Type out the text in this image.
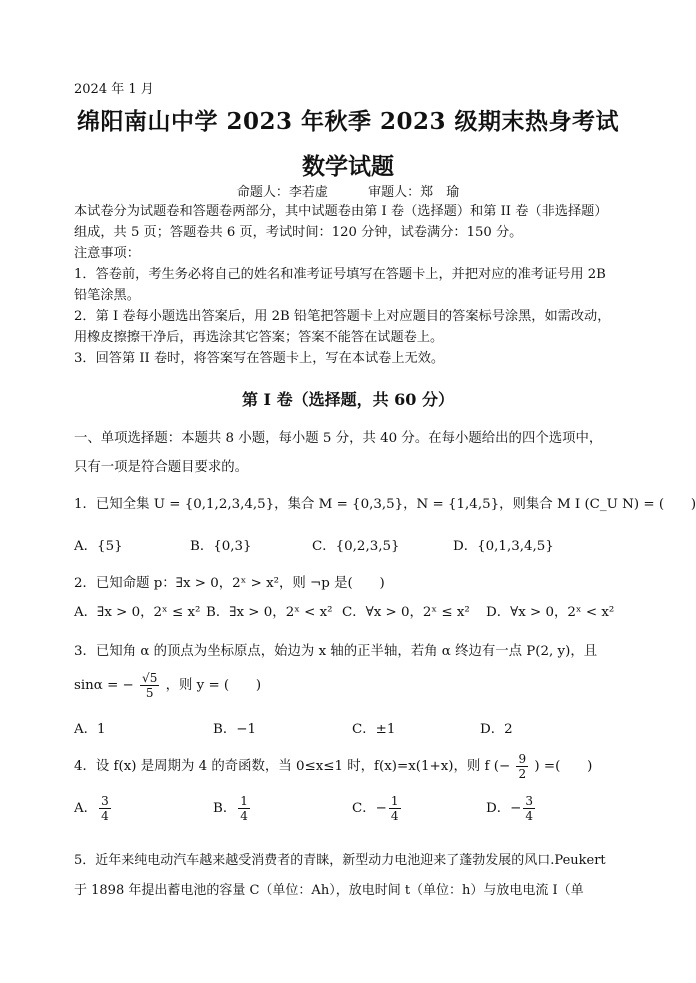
2024 年 1 月
绵阳南山中学 2023 年秋季 2023 级期末热身考试
数学试题
命题人：李若虚	审题人：郑　瑜
本试卷分为试题卷和答题卷两部分，其中试题卷由第 I 卷（选择题）和第 II 卷（非选择题）
组成，共 5 页；答题卷共 6 页，考试时间：120 分钟，试卷满分：150 分。
注意事项：
1．答卷前，考生务必将自己的姓名和准考证号填写在答题卡上，并把对应的准考证号用 2B
铅笔涂黑。
2．第 I 卷每小题选出答案后，用 2B 铅笔把答题卡上对应题目的答案标号涂黑，如需改动，
用橡皮擦擦干净后，再选涂其它答案；答案不能答在试题卷上。
3．回答第 II 卷时，将答案写在答题卡上，写在本试卷上无效。
第 I 卷（选择题，共 60 分）
一、单项选择题：本题共 8 小题，每小题 5 分，共 40 分。在每小题给出的四个选项中，
只有一项是符合题目要求的。
1．已知全集 U = {0,1,2,3,4,5}，集合 M = {0,3,5}，N = {1,4,5}，则集合 M I (C_U N) = (　　)
A．{5}	B．{0,3}	C．{0,2,3,5}	D．{0,1,3,4,5}
2．已知命题 p：∃x > 0，2ˣ > x²，则 ¬p 是(　　)
A．∃x > 0，2ˣ ≤ x² B．∃x > 0，2ˣ < x² C．∀x > 0，2ˣ ≤ x² D．∀x > 0，2ˣ < x²
3．已知角 α 的顶点为坐标原点，始边为 x 轴的正半轴，若角 α 终边有一点 P(2, y)，且
sinα = − $\frac{√5}{5}$ ，则 y = (　　)
A．1	B．−1	C．±1	D．2
4．设 f(x) 是周期为 4 的奇函数，当 0≤x≤1 时，f(x)=x(1+x)，则 f (− $\frac{9}{2}$ ) =(　　)
A． $\frac{3}{4}$	B． $\frac{1}{4}$	C．− $\frac{1}{4}$	D．− $\frac{3}{4}$
5．近年来纯电动汽车越来越受消费者的青睐，新型动力电池迎来了蓬勃发展的风口.Peukert
于 1898 年提出蓄电池的容量 C（单位：Ah），放电时间 t（单位：h）与放电电流 I（单
